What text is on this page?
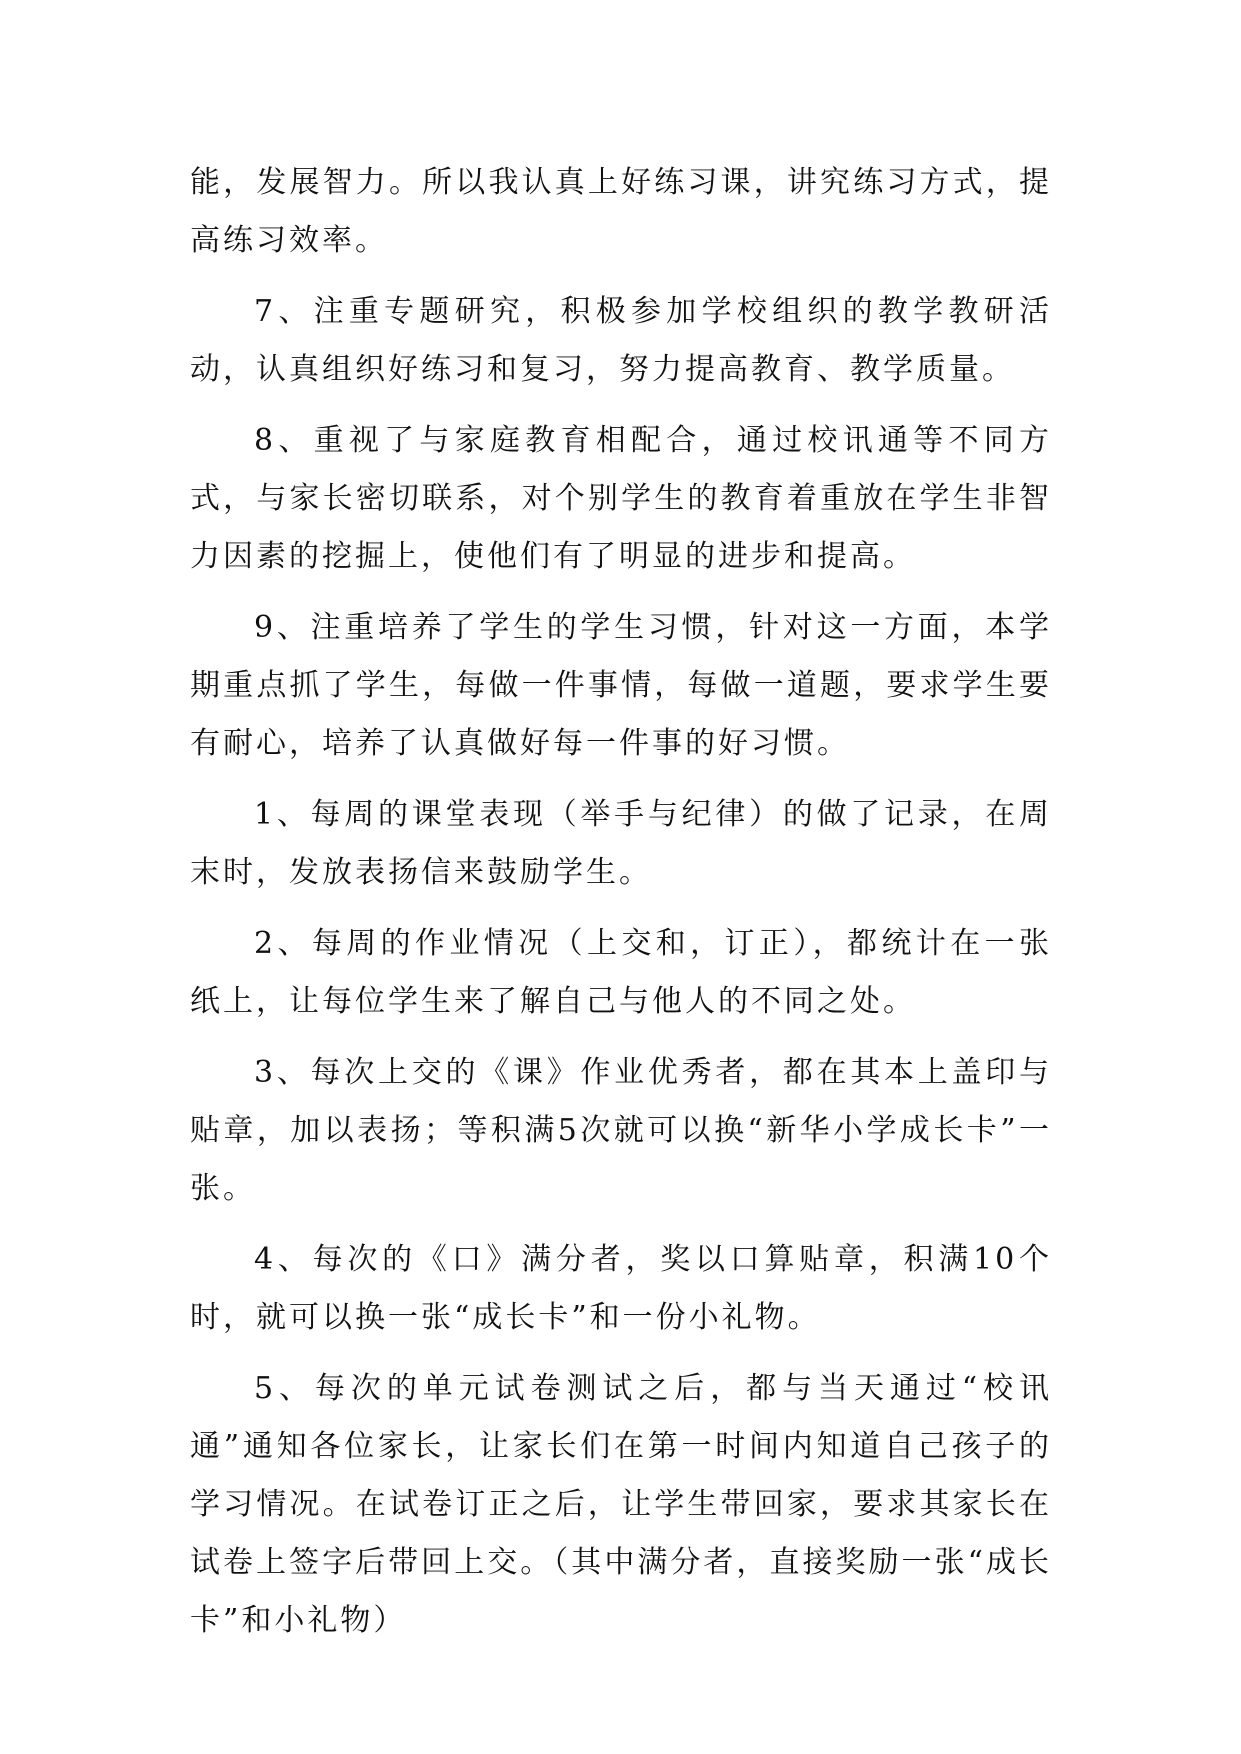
能，发展智力。所以我认真上好练习课，讲究练习方式，提高练习效率。

7、注重专题研究，积极参加学校组织的教学教研活动，认真组织好练习和复习，努力提高教育、教学质量。

8、重视了与家庭教育相配合，通过校讯通等不同方式，与家长密切联系，对个别学生的教育着重放在学生非智力因素的挖掘上，使他们有了明显的进步和提高。

9、注重培养了学生的学生习惯，针对这一方面，本学期重点抓了学生，每做一件事情，每做一道题，要求学生要有耐心，培养了认真做好每一件事的好习惯。

1、每周的课堂表现（举手与纪律）的做了记录，在周末时，发放表扬信来鼓励学生。

2、每周的作业情况（上交和，订正），都统计在一张纸上，让每位学生来了解自己与他人的不同之处。

3、每次上交的《课》作业优秀者，都在其本上盖印与贴章，加以表扬；等积满5次就可以换“新华小学成长卡”一张。

4、每次的《口》满分者，奖以口算贴章，积满10个时，就可以换一张“成长卡”和一份小礼物。

5、每次的单元试卷测试之后，都与当天通过“校讯通”通知各位家长，让家长们在第一时间内知道自己孩子的学习情况。在试卷订正之后，让学生带回家，要求其家长在试卷上签字后带回上交。（其中满分者，直接奖励一张“成长卡”和小礼物）
